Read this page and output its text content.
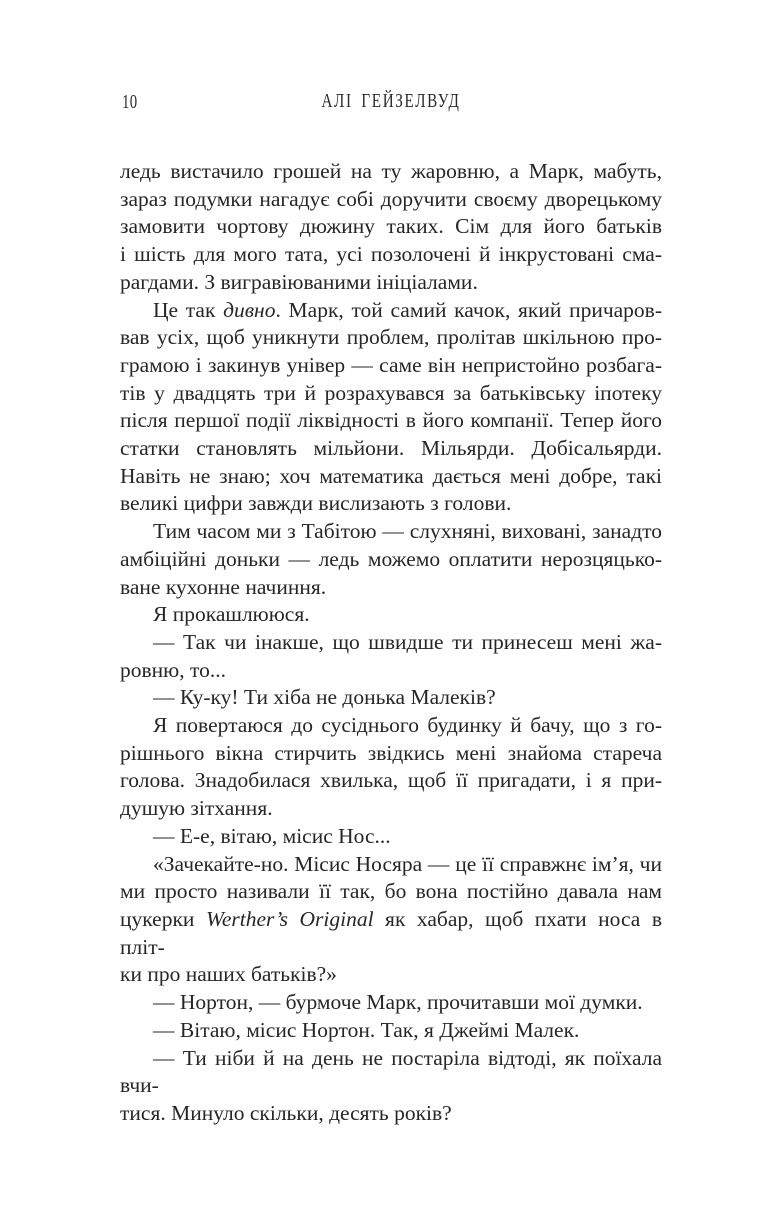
10	АЛІ ГЕЙЗЕЛВУД
ледь вистачило грошей на ту жаровню, а Марк, мабуть,
зараз подумки нагадує собі доручити своєму дворецькому
замовити чортову дюжину таких. Сім для його батьків
і шість для мого тата, усі позолочені й інкрустовані сма-
рагдами. З вигравіюваними ініціалами.
Це так дивно. Марк, той самий качок, який причаров-
вав усіх, щоб уникнути проблем, пролітав шкільною про-
грамою і закинув універ — саме він непристойно розбага-
тів у двадцять три й розрахувався за батьківську іпотеку
після першої події ліквідності в його компанії. Тепер його
статки становлять мільйони. Мільярди. Добісальярди.
Навіть не знаю; хоч математика дається мені добре, такі
великі цифри завжди вислизають з голови.
Тим часом ми з Табітою — слухняні, виховані, занадто
амбіційні доньки — ледь можемо оплатити нерозцяцько-
ване кухонне начиння.
Я прокашлююся.
— Так чи інакше, що швидше ти принесеш мені жа-
ровню, то...
— Ку-ку! Ти хіба не донька Малеків?
Я повертаюся до сусіднього будинку й бачу, що з го-
рішнього вікна стирчить звідкись мені знайома стареча
голова. Знадобилася хвилька, щоб її пригадати, і я при-
душую зітхання.
— Е-е, вітаю, місис Нос...
«Зачекайте-но. Місис Носяра — це її справжнє ім’я, чи
ми просто називали її так, бо вона постійно давала нам
цукерки Werther’s Original як хабар, щоб пхати носа в пліт-
ки про наших батьків?»
— Нортон, — бурмоче Марк, прочитавши мої думки.
— Вітаю, місис Нортон. Так, я Джеймі Малек.
— Ти ніби й на день не постаріла відтоді, як поїхала вчи-
тися. Минуло скільки, десять років?
